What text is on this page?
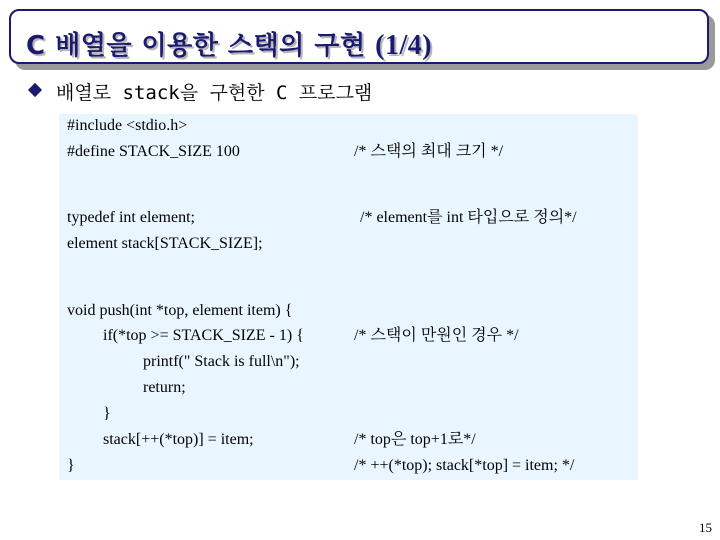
C 배열을 이용한 스택의 구현 (1/4)
배열로 stack을 구현한 C 프로그램
#include <stdio.h>
#define STACK_SIZE 100	/* 스택의 최대 크기 */
typedef int element;	/* element를 int 타입으로 정의*/
element stack[STACK_SIZE];
void push(int *top, element item) {
if(*top >= STACK_SIZE - 1) {	/* 스택이 만원인 경우 */
printf(" Stack is full\n");
return;
}
stack[++(*top)] = item;	/* top은 top+1로*/
}	/* ++(*top); stack[*top] = item; */
15
